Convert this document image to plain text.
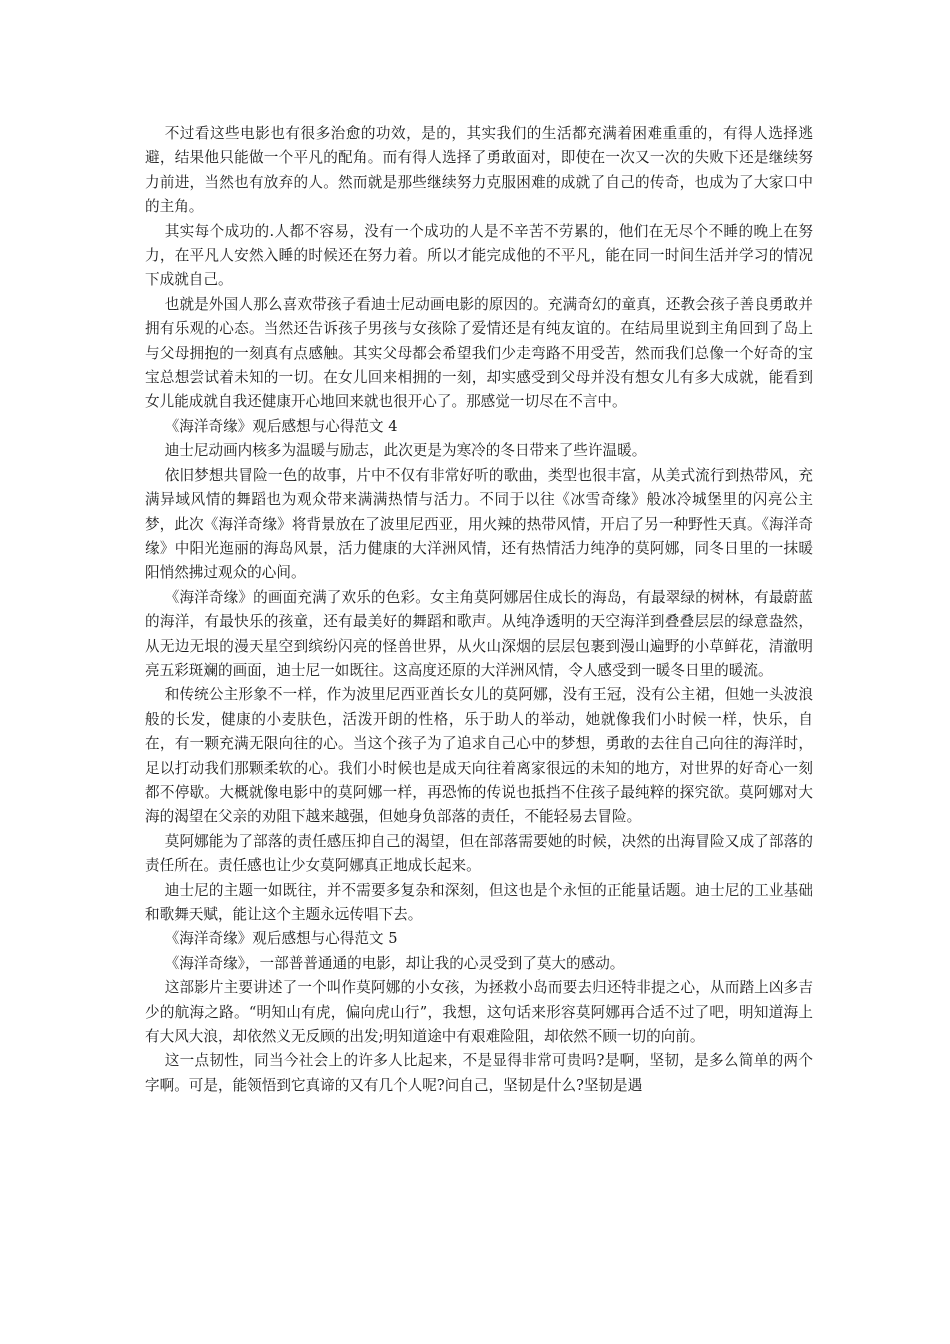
不过看这些电影也有很多治愈的功效，是的，其实我们的生活都充满着困难重重的，有得人选择逃避，结果他只能做一个平凡的配角。而有得人选择了勇敢面对，即使在一次又一次的失败下还是继续努力前进，当然也有放弃的人。然而就是那些继续努力克服困难的成就了自己的传奇，也成为了大家口中的主角。

其实每个成功的.人都不容易，没有一个成功的人是不辛苦不劳累的，他们在无尽个不睡的晚上在努力，在平凡人安然入睡的时候还在努力着。所以才能完成他的不平凡，能在同一时间生活并学习的情况下成就自己。

也就是外国人那么喜欢带孩子看迪士尼动画电影的原因的。充满奇幻的童真，还教会孩子善良勇敢并拥有乐观的心态。当然还告诉孩子男孩与女孩除了爱情还是有纯友谊的。在结局里说到主角回到了岛上与父母拥抱的一刻真有点感触。其实父母都会希望我们少走弯路不用受苦，然而我们总像一个好奇的宝宝总想尝试着未知的一切。在女儿回来相拥的一刻，却实感受到父母并没有想女儿有多大成就，能看到女儿能成就自我还健康开心地回来就也很开心了。那感觉一切尽在不言中。

《海洋奇缘》观后感想与心得范文 4

迪士尼动画内核多为温暖与励志，此次更是为寒冷的冬日带来了些许温暖。

依旧梦想共冒险一色的故事，片中不仅有非常好听的歌曲，类型也很丰富，从美式流行到热带风，充满异域风情的舞蹈也为观众带来满满热情与活力。不同于以往《冰雪奇缘》般冰冷城堡里的闪亮公主梦，此次《海洋奇缘》将背景放在了波里尼西亚，用火辣的热带风情，开启了另一种野性天真。《海洋奇缘》中阳光迤丽的海岛风景，活力健康的大洋洲风情，还有热情活力纯净的莫阿娜，同冬日里的一抹暖阳悄然拂过观众的心间。

《海洋奇缘》的画面充满了欢乐的色彩。女主角莫阿娜居住成长的海岛，有最翠绿的树林，有最蔚蓝的海洋，有最快乐的孩童，还有最美好的舞蹈和歌声。从纯净透明的天空海洋到叠叠层层的绿意盎然，从无边无垠的漫天星空到缤纷闪亮的怪兽世界，从火山深烟的层层包裹到漫山遍野的小草鲜花，清澈明亮五彩斑斓的画面，迪士尼一如既往。这高度还原的大洋洲风情，令人感受到一暖冬日里的暖流。

和传统公主形象不一样，作为波里尼西亚酋长女儿的莫阿娜，没有王冠，没有公主裙，但她一头波浪般的长发，健康的小麦肤色，活泼开朗的性格，乐于助人的举动，她就像我们小时候一样，快乐，自在，有一颗充满无限向往的心。当这个孩子为了追求自己心中的梦想，勇敢的去往自己向往的海洋时，足以打动我们那颗柔软的心。我们小时候也是成天向往着离家很远的未知的地方，对世界的好奇心一刻都不停歇。大概就像电影中的莫阿娜一样，再恐怖的传说也抵挡不住孩子最纯粹的探究欲。莫阿娜对大海的渴望在父亲的劝阻下越来越强，但她身负部落的责任，不能轻易去冒险。

莫阿娜能为了部落的责任感压抑自己的渴望，但在部落需要她的时候，决然的出海冒险又成了部落的责任所在。责任感也让少女莫阿娜真正地成长起来。

迪士尼的主题一如既往，并不需要多复杂和深刻，但这也是个永恒的正能量话题。迪士尼的工业基础和歌舞天赋，能让这个主题永远传唱下去。

《海洋奇缘》观后感想与心得范文 5

《海洋奇缘》，一部普普通通的电影，却让我的心灵受到了莫大的感动。

这部影片主要讲述了一个叫作莫阿娜的小女孩，为拯救小岛而要去归还特非提之心，从而踏上凶多吉少的航海之路。“明知山有虎，偏向虎山行”，我想，这句话来形容莫阿娜再合适不过了吧，明知道海上有大风大浪，却依然义无反顾的出发;明知道途中有艰难险阻，却依然不顾一切的向前。

这一点韧性，同当今社会上的许多人比起来，不是显得非常可贵吗?是啊，坚韧，是多么简单的两个字啊。可是，能领悟到它真谛的又有几个人呢?问自己，坚韧是什么?坚韧是遇
